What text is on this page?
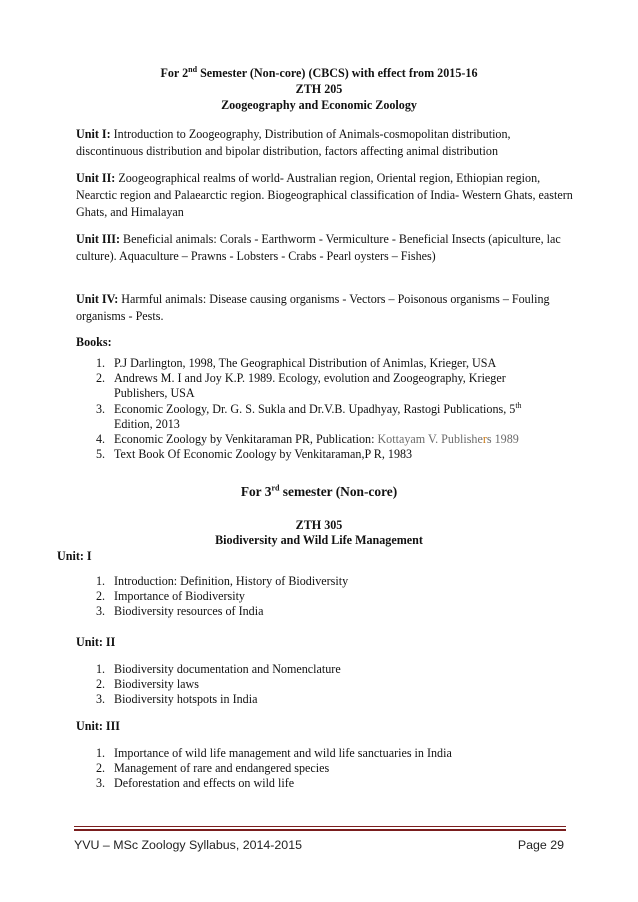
For 2nd Semester (Non-core) (CBCS) with effect from 2015-16
ZTH 205
Zoogeography and Economic Zoology
Unit I: Introduction to Zoogeography, Distribution of Animals-cosmopolitan distribution, discontinuous distribution and bipolar distribution, factors affecting animal distribution
Unit II: Zoogeographical realms of world- Australian region, Oriental region, Ethiopian region, Nearctic region and Palaearctic region. Biogeographical classification of India- Western Ghats, eastern Ghats, and Himalayan
Unit III: Beneficial animals: Corals - Earthworm - Vermiculture - Beneficial Insects (apiculture, lac culture). Aquaculture – Prawns - Lobsters - Crabs - Pearl oysters – Fishes)
Unit IV: Harmful animals: Disease causing organisms - Vectors – Poisonous organisms – Fouling organisms - Pests.
Books:
1. P.J Darlington, 1998, The Geographical Distribution of Animlas, Krieger, USA
2. Andrews M. I and Joy K.P. 1989. Ecology, evolution and Zoogeography, Krieger
Publishers, USA
3. Economic Zoology, Dr. G. S. Sukla and Dr.V.B. Upadhyay, Rastogi Publications, 5th
Edition, 2013
4. Economic Zoology by Venkitaraman PR, Publication: Kottayam V. Publishers 1989
5. Text Book Of Economic Zoology by Venkitaraman,P R, 1983
For 3rd semester (Non-core)
ZTH 305
Biodiversity and Wild Life Management
Unit: I
1. Introduction: Definition, History of Biodiversity
2. Importance of Biodiversity
3. Biodiversity resources of India
Unit: II
1. Biodiversity documentation and Nomenclature
2. Biodiversity laws
3. Biodiversity hotspots in India
Unit: III
1. Importance of wild life management and wild life sanctuaries in India
2. Management of rare and endangered species
3. Deforestation and effects on wild life
YVU – MSc Zoology Syllabus, 2014-2015	Page 29
